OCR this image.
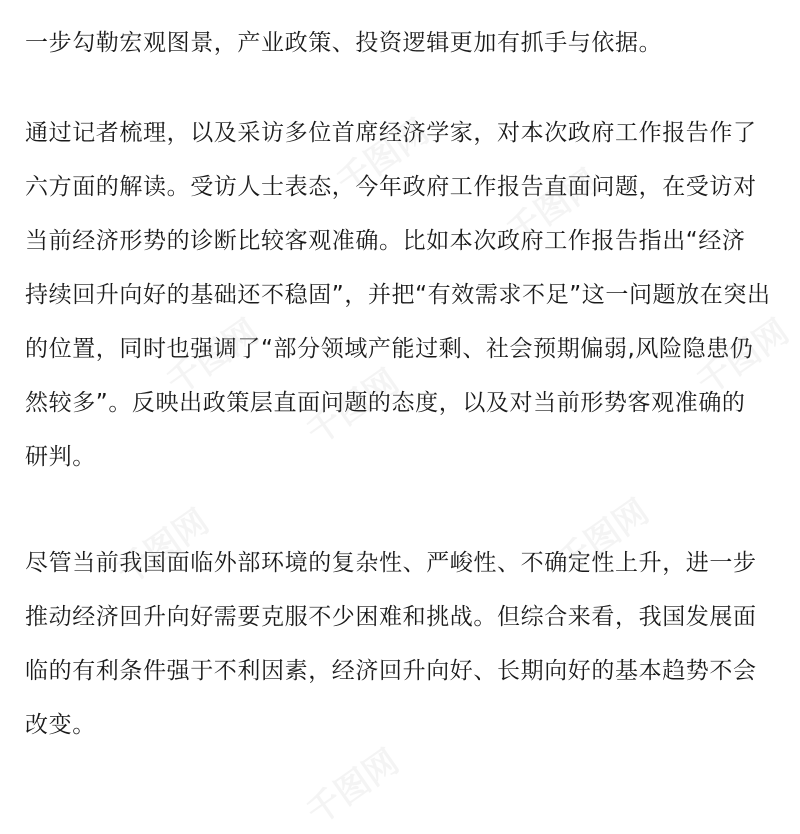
一步勾勒宏观图景，产业政策、投资逻辑更加有抓手与依据。
通过记者梳理，以及采访多位首席经济学家，对本次政府工作报告作了
六方面的解读。受访人士表态，今年政府工作报告直面问题，在受访对
当前经济形势的诊断比较客观准确。比如本次政府工作报告指出“经济
持续回升向好的基础还不稳固”，并把“有效需求不足”这一问题放在突出
的位置，同时也强调了“部分领域产能过剩、社会预期偏弱,风险隐患仍
然较多”。反映出政策层直面问题的态度，以及对当前形势客观准确的
研判。
尽管当前我国面临外部环境的复杂性、严峻性、不确定性上升，进一步
推动经济回升向好需要克服不少困难和挑战。但综合来看，我国发展面
临的有利条件强于不利因素，经济回升向好、长期向好的基本趋势不会
改变。
千图网
千图网
千图网	千图网
千图网
千图网	千图网
千图网
